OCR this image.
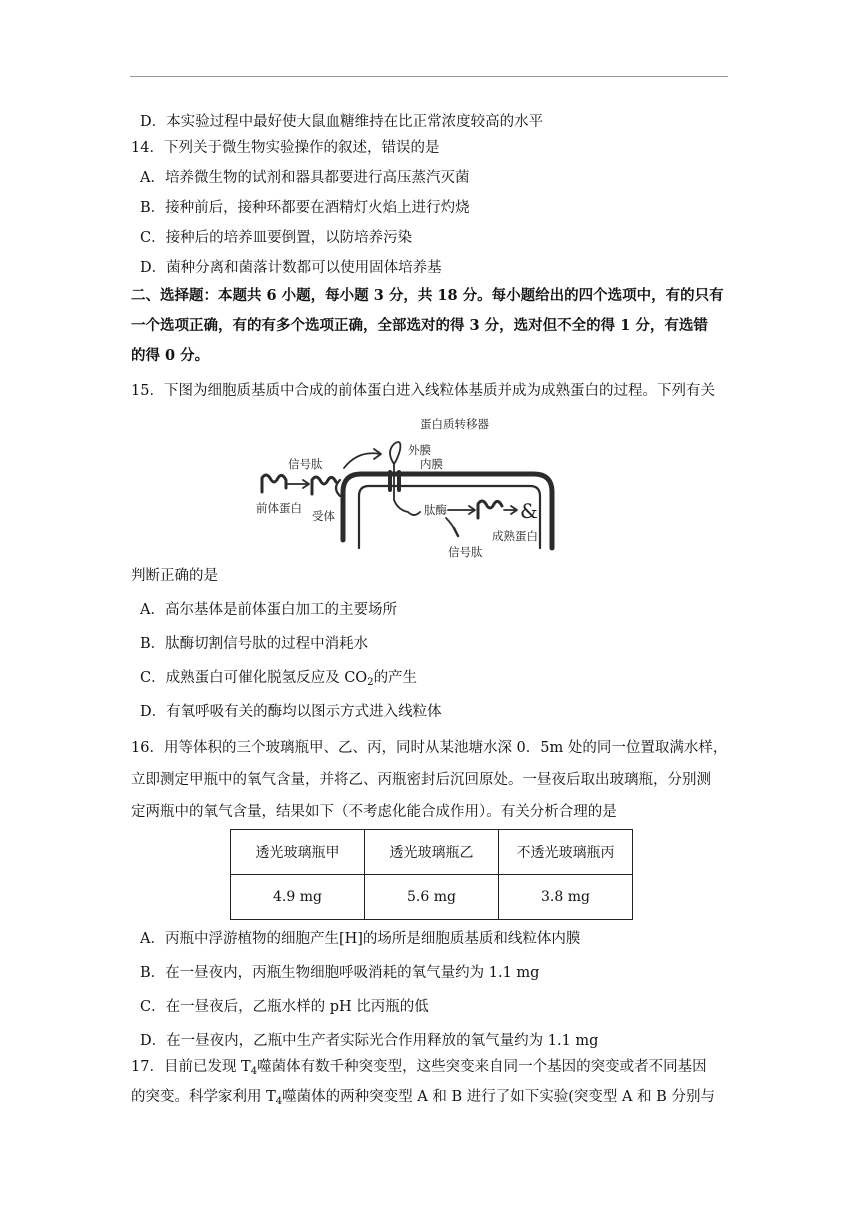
D．本实验过程中最好使大鼠血糖维持在比正常浓度较高的水平
14．下列关于微生物实验操作的叙述，错误的是
A．培养微生物的试剂和器具都要进行高压蒸汽灭菌
B．接种前后，接种环都要在酒精灯火焰上进行灼烧
C．接种后的培养皿要倒置，以防培养污染
D．菌种分离和菌落计数都可以使用固体培养基
二、选择题：本题共 6 小题，每小题 3 分，共 18 分。每小题给出的四个选项中，有的只有
一个选项正确，有的有多个选项正确，全部选对的得 3 分，选对但不全的得 1 分，有选错
的得 0 分。
15．下图为细胞质基质中合成的前体蛋白进入线粒体基质并成为成熟蛋白的过程。下列有关
&
蛋白质转移器
外膜
内膜
信号肽
前体蛋白
受体	肽酶
成熟蛋白
信号肽
判断正确的是
A．高尔基体是前体蛋白加工的主要场所
B．肽酶切割信号肽的过程中消耗水
C．成熟蛋白可催化脱氢反应及 $CO_2$的产生
D．有氧呼吸有关的酶均以图示方式进入线粒体
16．用等体积的三个玻璃瓶甲、乙、丙，同时从某池塘水深 0．5m 处的同一位置取满水样，
立即测定甲瓶中的氧气含量，并将乙、丙瓶密封后沉回原处。一昼夜后取出玻璃瓶，分别测
定两瓶中的氧气含量，结果如下（不考虑化能合成作用）。有关分析合理的是
透光玻璃瓶甲	透光玻璃瓶乙	不透光玻璃瓶丙
4.9 mg	5.6 mg	3.8 mg
A．丙瓶中浮游植物的细胞产生[H]的场所是细胞质基质和线粒体内膜
B．在一昼夜内，丙瓶生物细胞呼吸消耗的氧气量约为 1.1 mg
C．在一昼夜后，乙瓶水样的 pH 比丙瓶的低
D．在一昼夜内，乙瓶中生产者实际光合作用释放的氧气量约为 1.1 mg
17．目前已发现 $T_4$噬菌体有数千种突变型，这些突变来自同一个基因的突变或者不同基因
的突变。科学家利用 $T_4$噬菌体的两种突变型 A 和 B 进行了如下实验(突变型 A 和 B 分别与
